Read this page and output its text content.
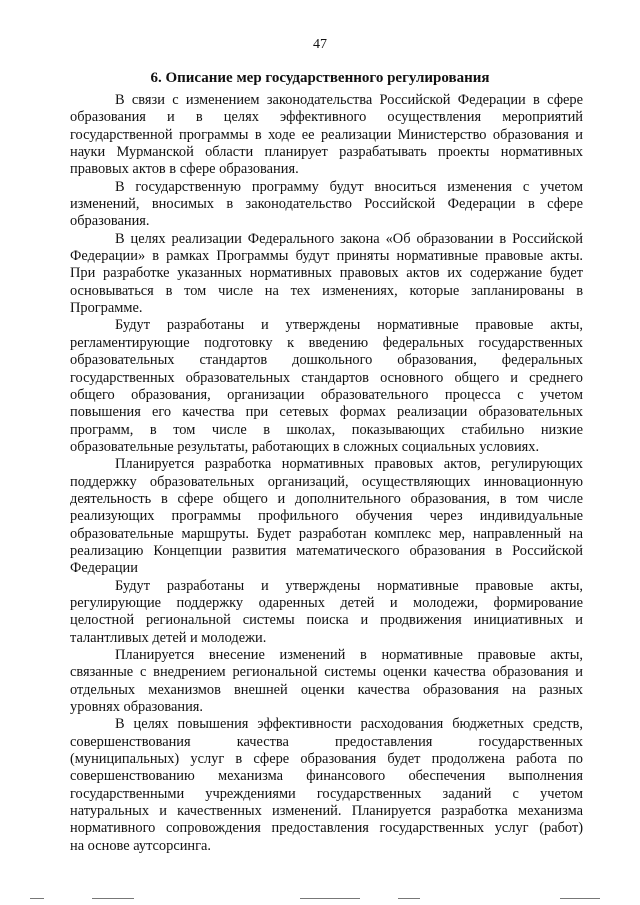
47
6. Описание мер государственного регулирования
В связи с изменением законодательства Российской Федерации в сфере
образования и в целях эффективного осуществления мероприятий
государственной программы в ходе ее реализации Министерство образования и
науки Мурманской области планирует разрабатывать проекты нормативных
правовых актов в сфере образования.
В государственную программу будут вноситься изменения с учетом
изменений, вносимых в законодательство Российской Федерации в сфере
образования.
В целях реализации Федерального закона «Об образовании в Российской
Федерации» в рамках Программы будут приняты нормативные правовые акты.
При разработке указанных нормативных правовых актов их содержание будет
основываться в том числе на тех изменениях, которые запланированы в
Программе.
Будут разработаны и утверждены нормативные правовые акты,
регламентирующие подготовку к введению федеральных государственных
образовательных стандартов дошкольного образования, федеральных
государственных образовательных стандартов основного общего и среднего
общего образования, организации образовательного процесса с учетом
повышения его качества при сетевых формах реализации образовательных
программ, в том числе в школах, показывающих стабильно низкие
образовательные результаты, работающих в сложных социальных условиях.
Планируется разработка нормативных правовых актов, регулирующих
поддержку образовательных организаций, осуществляющих инновационную
деятельность в сфере общего и дополнительного образования, в том числе
реализующих программы профильного обучения через индивидуальные
образовательные маршруты. Будет разработан комплекс мер, направленный на
реализацию Концепции развития математического образования в Российской
Федерации
Будут разработаны и утверждены нормативные правовые акты,
регулирующие поддержку одаренных детей и молодежи, формирование
целостной региональной системы поиска и продвижения инициативных и
талантливых детей и молодежи.
Планируется внесение изменений в нормативные правовые акты,
связанные с внедрением региональной системы оценки качества образования и
отдельных механизмов внешней оценки качества образования на разных
уровнях образования.
В целях повышения эффективности расходования бюджетных средств,
совершенствования качества предоставления государственных
(муниципальных) услуг в сфере образования будет продолжена работа по
совершенствованию механизма финансового обеспечения выполнения
государственными учреждениями государственных заданий с учетом
натуральных и качественных изменений. Планируется разработка механизма
нормативного сопровождения предоставления государственных услуг (работ)
на основе аутсорсинга.
